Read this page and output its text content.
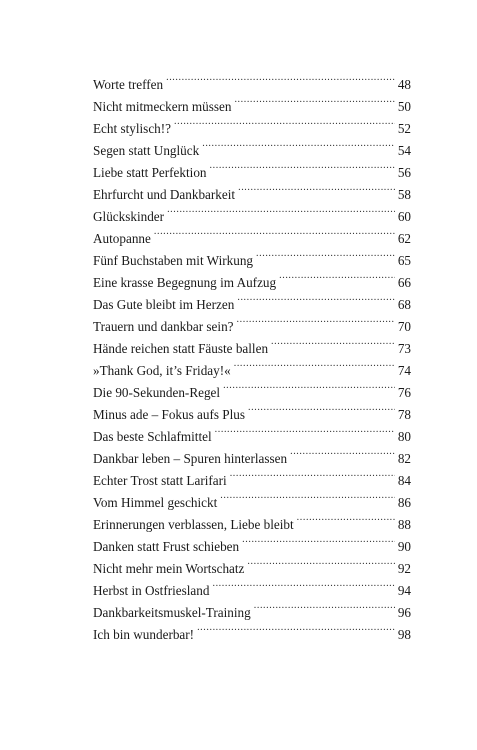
Worte treffen .....	48
Nicht mitmeckern müssen .....	50
Echt stylisch!? .....	52
Segen statt Unglück .....	54
Liebe statt Perfektion .....	56
Ehrfurcht und Dankbarkeit .....	58
Glückskinder .....	60
Autopanne .....	62
Fünf Buchstaben mit Wirkung .....	65
Eine krasse Begegnung im Aufzug .....	66
Das Gute bleibt im Herzen .....	68
Trauern und dankbar sein? .....	70
Hände reichen statt Fäuste ballen .....	73
»Thank God, it’s Friday!« .....	74
Die 90-Sekunden-Regel .....	76
Minus ade – Fokus aufs Plus .....	78
Das beste Schlafmittel .....	80
Dankbar leben – Spuren hinterlassen .....	82
Echter Trost statt Larifari .....	84
Vom Himmel geschickt .....	86
Erinnerungen verblassen, Liebe bleibt .....	88
Danken statt Frust schieben .....	90
Nicht mehr mein Wortschatz .....	92
Herbst in Ostfriesland .....	94
Dankbarkeitsmuskel-Training .....	96
Ich bin wunderbar! .....	98
